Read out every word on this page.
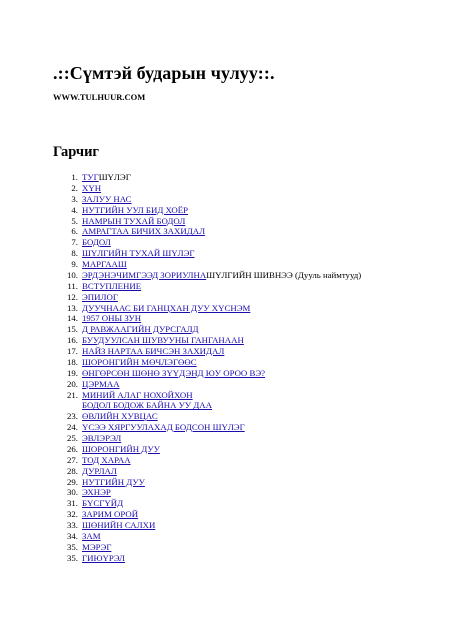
.::Сүмтэй бударын чулуу::.
WWW.TULHUUR.COM
Гарчиг
1. ТУГ ШҮЛЭГ
2. ХҮН
3. ЗАЛУУ НАС
4. НУТГИЙН УУЛ БИД ХОЁР
5. НАМРЫН ТУХАЙ БОДОЛ
6. АМРАГТАА БИЧИХ ЗАХИДАЛ
7. БОДОЛ
8. ШҮЛГИЙН ТУХАЙ ШҮЛЭГ
9. МАРГААШ
10. ЭРДЭНЭЧИМГЭЭД ЗОРИУЛНА ШҮЛГИЙН ШИВНЭЭ (Дууль наймтууд)
11. ВСТУПЛЕНИЕ
12. ЭПИЛОГ
13. ДУУЧНААС БИ ГАНЦХАН ДУУ ХҮСНЭМ
14. 1957 ОНЫ ЗУН
15. Д РАВЖААГИЙН ДУРСГАЛД
16. БУУДУУЛСАН ШУВУУНЫ ГАНГАНААН
17. НАЙЗ НАРТАА БИЧСЭН ЗАХИДАЛ
18. ШОРОНГИЙН МӨЧЛЭГӨӨС
19. ӨНГӨРСӨН ШӨНӨ ЗҮҮДЭНД ЮУ ОРОО ВЭ?
20. ЦЭРМАА
21. МИНИЙ АЛАГ НОХОЙХОН
БОДОЛ БОДОЖ БАЙНА УУ ДАА
23. ӨВЛИЙН ХУВЦАС
24. ҮСЭЭ ХЯРГУУЛАХАД БОДСОН ШҮЛЭГ
25. ЭВЛЭРЭЛ
26. ШОРОНГИЙН ДУУ
27. ТОД ХАРАА
28. ДУРЛАЛ
29. НУТГИЙН ДУУ
30. ЭХНЭР
31. БҮСГҮЙД
32. ЗАРИМ ОРОЙ
33. ШӨНИЙН САЛХИ
34. ЗАМ
35. МЭРЭГ
35. ГИЮҮРЭЛ
